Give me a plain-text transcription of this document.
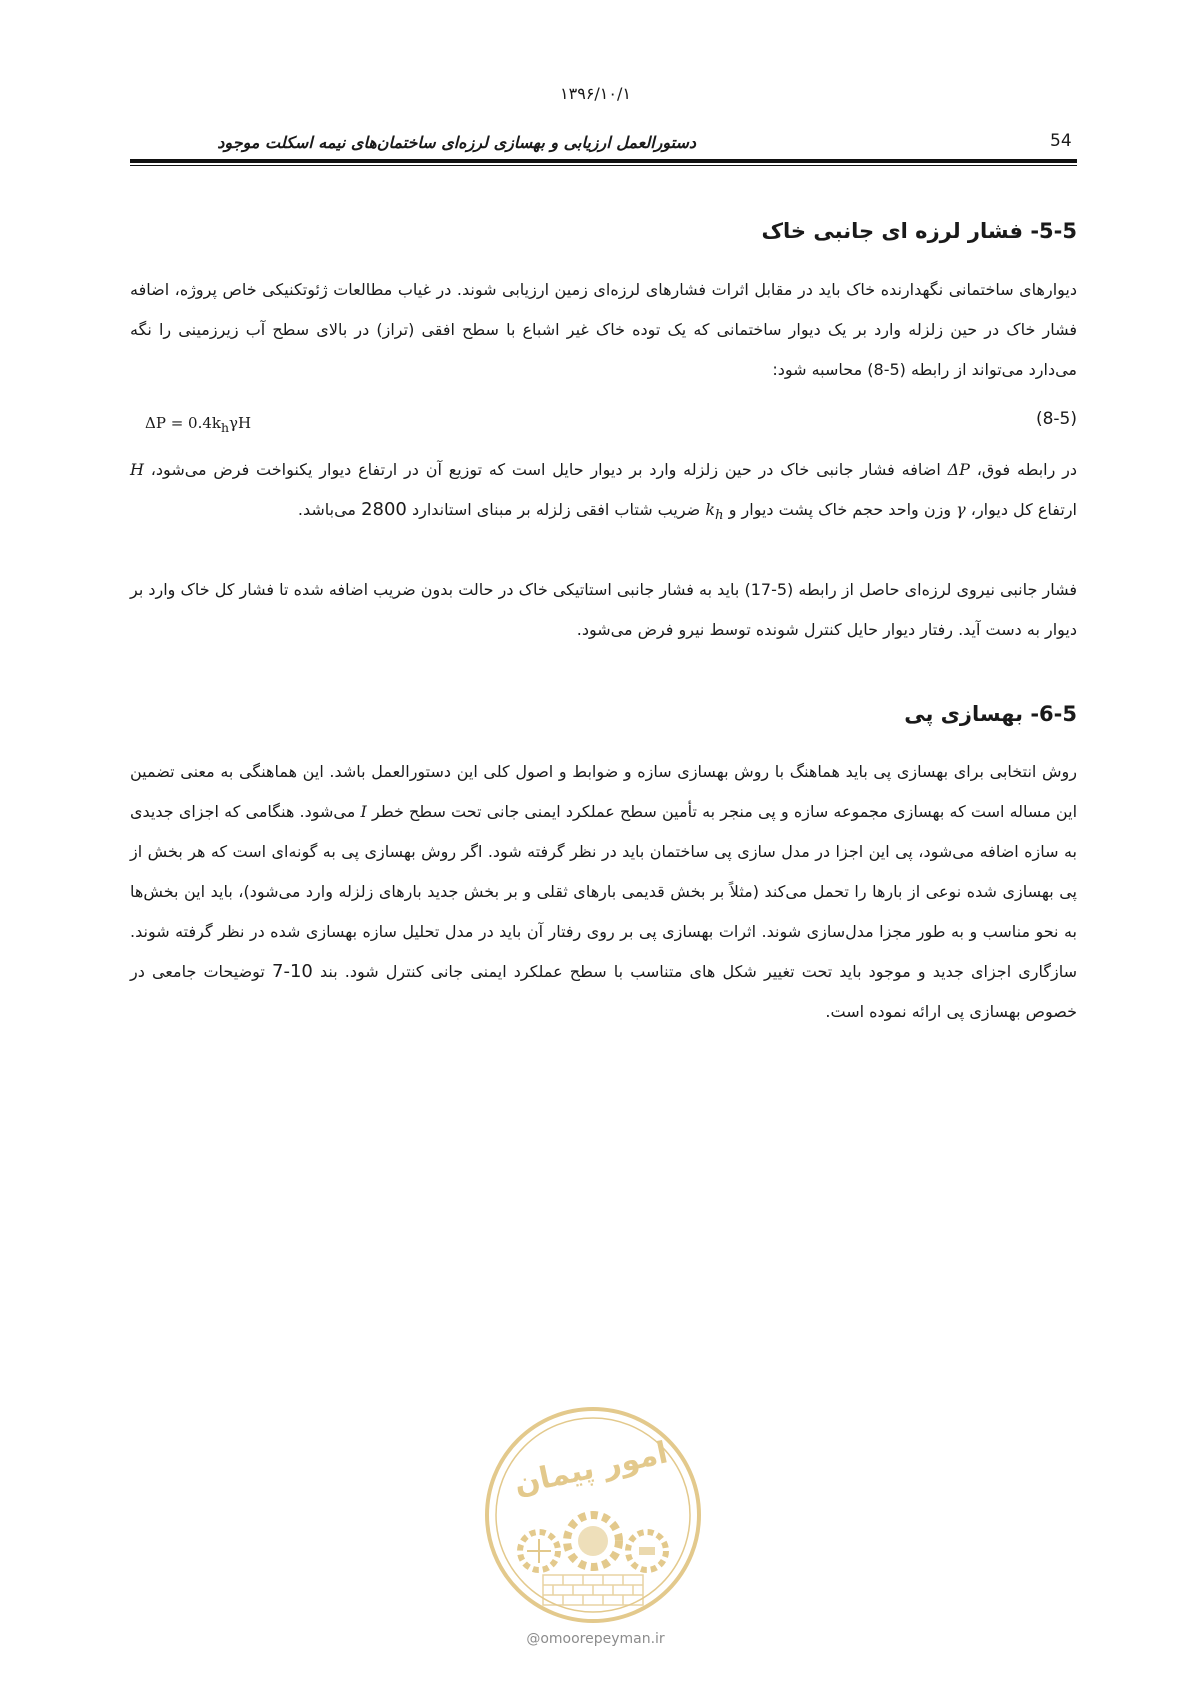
۱۳۹۶/۱۰/۱
دستورالعمل ارزیابی و بهسازی لرزه‌ای ساختمان‌های نیمه اسکلت موجود	54
5-5- فشار لرزه ای جانبی خاک
دیوارهای ساختمانی نگهدارنده خاک باید در مقابل اثرات فشارهای لرزه‌ای زمین ارزیابی شوند. در غیاب مطالعات ژئوتکنیکی خاص پروژه، اضافه فشار خاک در حین زلزله وارد بر یک دیوار ساختمانی که یک توده خاک غیر اشباع با سطح افقی (تراز) در بالای سطح آب زیرزمینی را نگه می‌دارد می‌تواند از رابطه (5-8) محاسبه شود:
$\Delta P = 0.4k_h\gamma H$	(8-5)
در رابطه فوق، ΔP اضافه فشار جانبی خاک در حین زلزله وارد بر دیوار حایل است که توزیع آن در ارتفاع دیوار یکنواخت فرض می‌شود، H ارتفاع کل دیوار، γ وزن واحد حجم خاک پشت دیوار و $k_h$ ضریب شتاب افقی زلزله بر مبنای استاندارد 2800 می‌باشد.
فشار جانبی نیروی لرزه‌ای حاصل از رابطه (5-17) باید به فشار جانبی استاتیکی خاک در حالت بدون ضریب اضافه شده تا فشار کل خاک وارد بر دیوار به دست آید. رفتار دیوار حایل کنترل شونده توسط نیرو فرض می‌شود.
6-5- بهسازی پی
روش انتخابی برای بهسازی پی باید هماهنگ با روش بهسازی سازه و ضوابط و اصول کلی این دستورالعمل باشد. این هماهنگی به معنی تضمین این مساله است که بهسازی مجموعه سازه و پی منجر به تأمین سطح عملکرد ایمنی جانی تحت سطح خطر I می‌شود. هنگامی که اجزای جدیدی به سازه اضافه می‌شود، پی این اجزا در مدل سازی پی ساختمان باید در نظر گرفته شود. اگر روش بهسازی پی به گونه‌ای است که هر بخش از پی بهسازی شده نوعی از بارها را تحمل می‌کند (مثلاً بر بخش قدیمی بارهای ثقلی و بر بخش جدید بارهای زلزله وارد می‌شود)، باید این بخش‌ها به نحو مناسب و به طور مجزا مدل‌سازی شوند. اثرات بهسازی پی بر روی رفتار آن باید در مدل تحلیل سازه بهسازی شده در نظر گرفته شوند. سازگاری اجزای جدید و موجود باید تحت تغییر شکل های متناسب با سطح عملکرد ایمنی جانی کنترل شود. بند 7-10 توضیحات جامعی در خصوص بهسازی پی ارائه نموده است.
امور پیمان
@omoorepeyman.ir
